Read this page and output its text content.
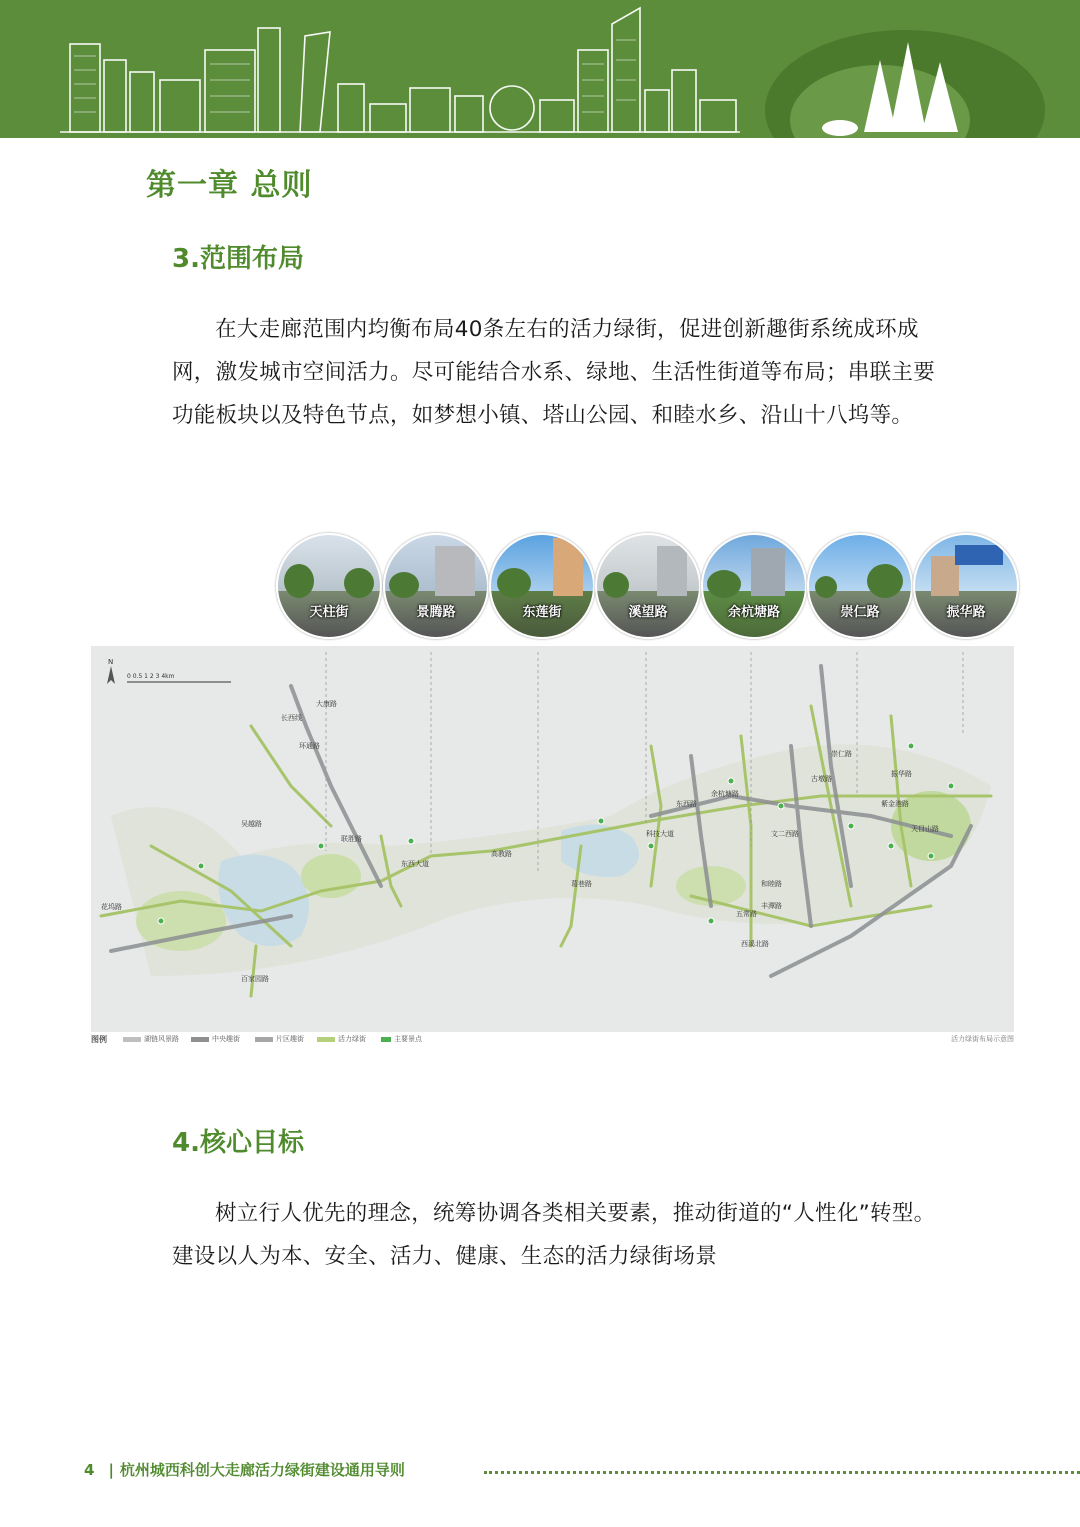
第一章 总则
3.范围布局

在大走廊范围内均衡布局40条左右的活力绿街，促进创新趣街系统成环成网，激发城市空间活力。尽可能结合水系、绿地、生活性街道等布局；串联主要功能板块以及特色节点，如梦想小镇、塔山公园、和睦水乡、沿山十八坞等。

天柱街	景腾路	东莲街	溪望路	余杭塘路	崇仁路	振华路
N
0 0.5 1 2 3 4km
长西线
大康路
环通路
联胜路
东西大道
吴越路
高教路
葛巷路
科技大道
东西路
文二西路
余杭塘路
和睦路
五常路
丰潭路
西溪北路
崇仁路
振华路
古墩路
紫金港路
天目山路
花坞路
百家园路
图例	湖链风景路	中央趣街	片区趣街	活力绿街	主要景点	活力绿街布局示意图
4.核心目标

树立行人优先的理念，统筹协调各类相关要素，推动街道的“人性化”转型。建设以人为本、安全、活力、健康、生态的活力绿街场景

4 | 杭州城西科创大走廊活力绿街建设通用导则
